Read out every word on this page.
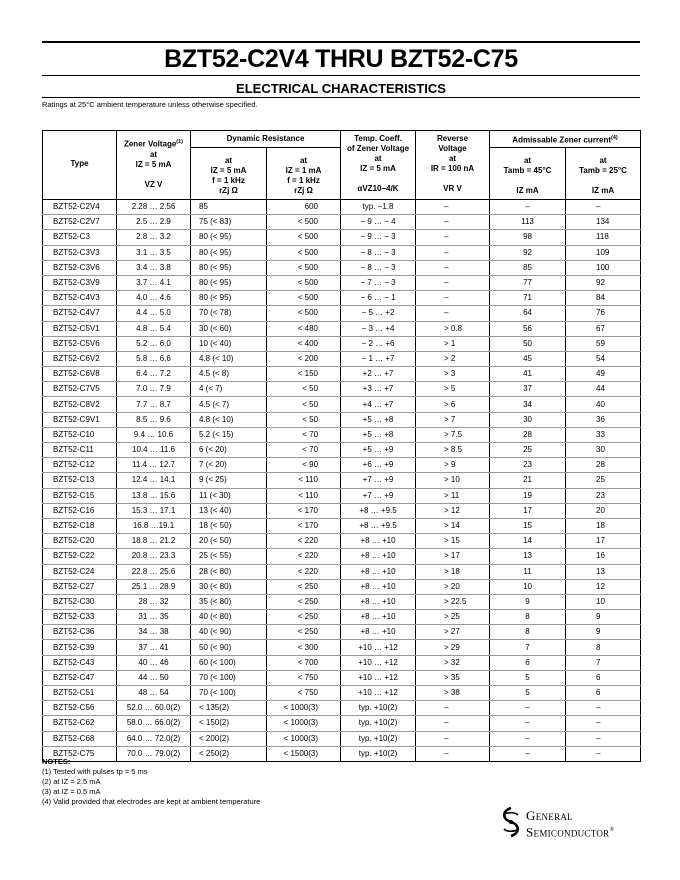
BZT52-C2V4 THRU BZT52-C75
ELECTRICAL CHARACTERISTICS
Ratings at 25°C ambient temperature unless otherwise specified.
Type	Zener Voltage$^{(1)}$
at
IZ = 5 mA

VZ V	Dynamic Resistance		Temp. Coeff.
of Zener Voltage
at
IZ = 5 mA

αVZ10−4/K	Reverse
Voltage
at
IR = 100 nA

VR V	Admissable Zener current$^{(4)}$
		at
IZ = 5 mA
f = 1 kHz
rZj Ω	at
IZ = 1 mA
f = 1 kHz
rZj Ω			at
Tamb = 45°C

IZ mA	at
Tamb = 25°C

IZ mA
BZT52-C2V4	2.28 … 2.56	85	600	typ. −1.8	–	–	–
BZT52-C2V7	2.5 … 2.9	75 (< 83)	< 500	− 9 … − 4	–	113	134
BZT52-C3	2.8 … 3.2	80 (< 95)	< 500	− 9 … − 3	–	98	118
BZT52-C3V3	3.1 … 3.5	80 (< 95)	< 500	− 8 … − 3	–	92	109
BZT52-C3V6	3.4 … 3.8	80 (< 95)	< 500	− 8 … − 3	–	85	100
BZT52-C3V9	3.7 … 4.1	80 (< 95)	< 500	− 7 … − 3	–	77	92
BZT52-C4V3	4.0 … 4.6	80 (< 95)	< 500	− 6 … − 1	–	71	84
BZT52-C4V7	4.4 … 5.0	70 (< 78)	< 500	− 5 … +2	–	64	76
BZT52-C5V1	4.8 … 5.4	30 (< 60)	< 480	− 3 … +4	> 0.8	56	67
BZT52-C5V6	5.2 … 6.0	10 (< 40)	< 400	− 2 … +6	> 1	50	59
BZT52-C6V2	5.8 … 6.6	4.8 (< 10)	< 200	− 1 … +7	> 2	45	54
BZT52-C6V8	6.4 … 7.2	4.5 (< 8)	< 150	+2 … +7	> 3	41	49
BZT52-C7V5	7.0 … 7.9	4 (< 7)	< 50	+3 … +7	> 5	37	44
BZT52-C8V2	7.7 … 8.7	4.5 (< 7)	< 50	+4 … +7	> 6	34	40
BZT52-C9V1	8.5 … 9.6	4.8 (< 10)	< 50	+5 … +8	> 7	30	36
BZT52-C10	9.4 … 10.6	5.2 (< 15)	< 70	+5 … +8	> 7.5	28	33
BZT52-C11	10.4 … 11.6	6 (< 20)	< 70	+5 … +9	> 8.5	25	30
BZT52-C12	11.4 … 12.7	7 (< 20)	< 90	+6 … +9	> 9	23	28
BZT52-C13	12.4 … 14.1	9 (< 25)	< 110	+7 … +9	> 10	21	25
BZT52-C15	13.8 … 15.6	11 (< 30)	< 110	+7 … +9	> 11	19	23
BZT52-C16	15.3 … 17.1	13 (< 40)	< 170	+8 … +9.5	> 12	17	20
BZT52-C18	16.8 …19.1	18 (< 50)	< 170	+8 … +9.5	> 14	15	18
BZT52-C20	18.8 … 21.2	20 (< 50)	< 220	+8 … +10	> 15	14	17
BZT52-C22	20.8 … 23.3	25 (< 55)	< 220	+8 … +10	> 17	13	16
BZT52-C24	22.8 … 25.6	28 (< 80)	< 220	+8 … +10	> 18	11	13
BZT52-C27	25.1 … 28.9	30 (< 80)	< 250	+8 … +10	> 20	10	12
BZT52-C30	28 … 32	35 (< 80)	< 250	+8 … +10	> 22.5	9	10
BZT52-C33	31 … 35	40 (< 80)	< 250	+8 … +10	> 25	8	9
BZT52-C36	34 … 38	40 (< 90)	< 250	+8 … +10	> 27	8	9
BZT52-C39	37 … 41	50 (< 90)	< 300	+10 … +12	> 29	7	8
BZT52-C43	40 … 46	60 (< 100)	< 700	+10 … +12	> 32	6	7
BZT52-C47	44 … 50	70 (< 100)	< 750	+10 … +12	> 35	5	6
BZT52-C51	48 … 54	70 (< 100)	< 750	+10 … +12	> 38	5	6
BZT52-C56	52.0 … 60.0(2)	< 135(2)	< 1000(3)	typ. +10(2)	–	–	–
BZT52-C62	58.0 … 66.0(2)	< 150(2)	< 1000(3)	typ. +10(2)	–	–	–
BZT52-C68	64.0 … 72.0(2)	< 200(2)	< 1000(3)	typ. +10(2)	–	–	–
BZT52-C75	70.0 … 79.0(2)	< 250(2)	< 1500(3)	typ. +10(2)	–	–	–
NOTES:
(1) Tested with pulses tp = 5 ms
(2) at IZ = 2.5 mA
(3) at IZ = 0.5 mA
(4) Valid provided that electrodes are kept at ambient temperature
General
Semiconductor®
